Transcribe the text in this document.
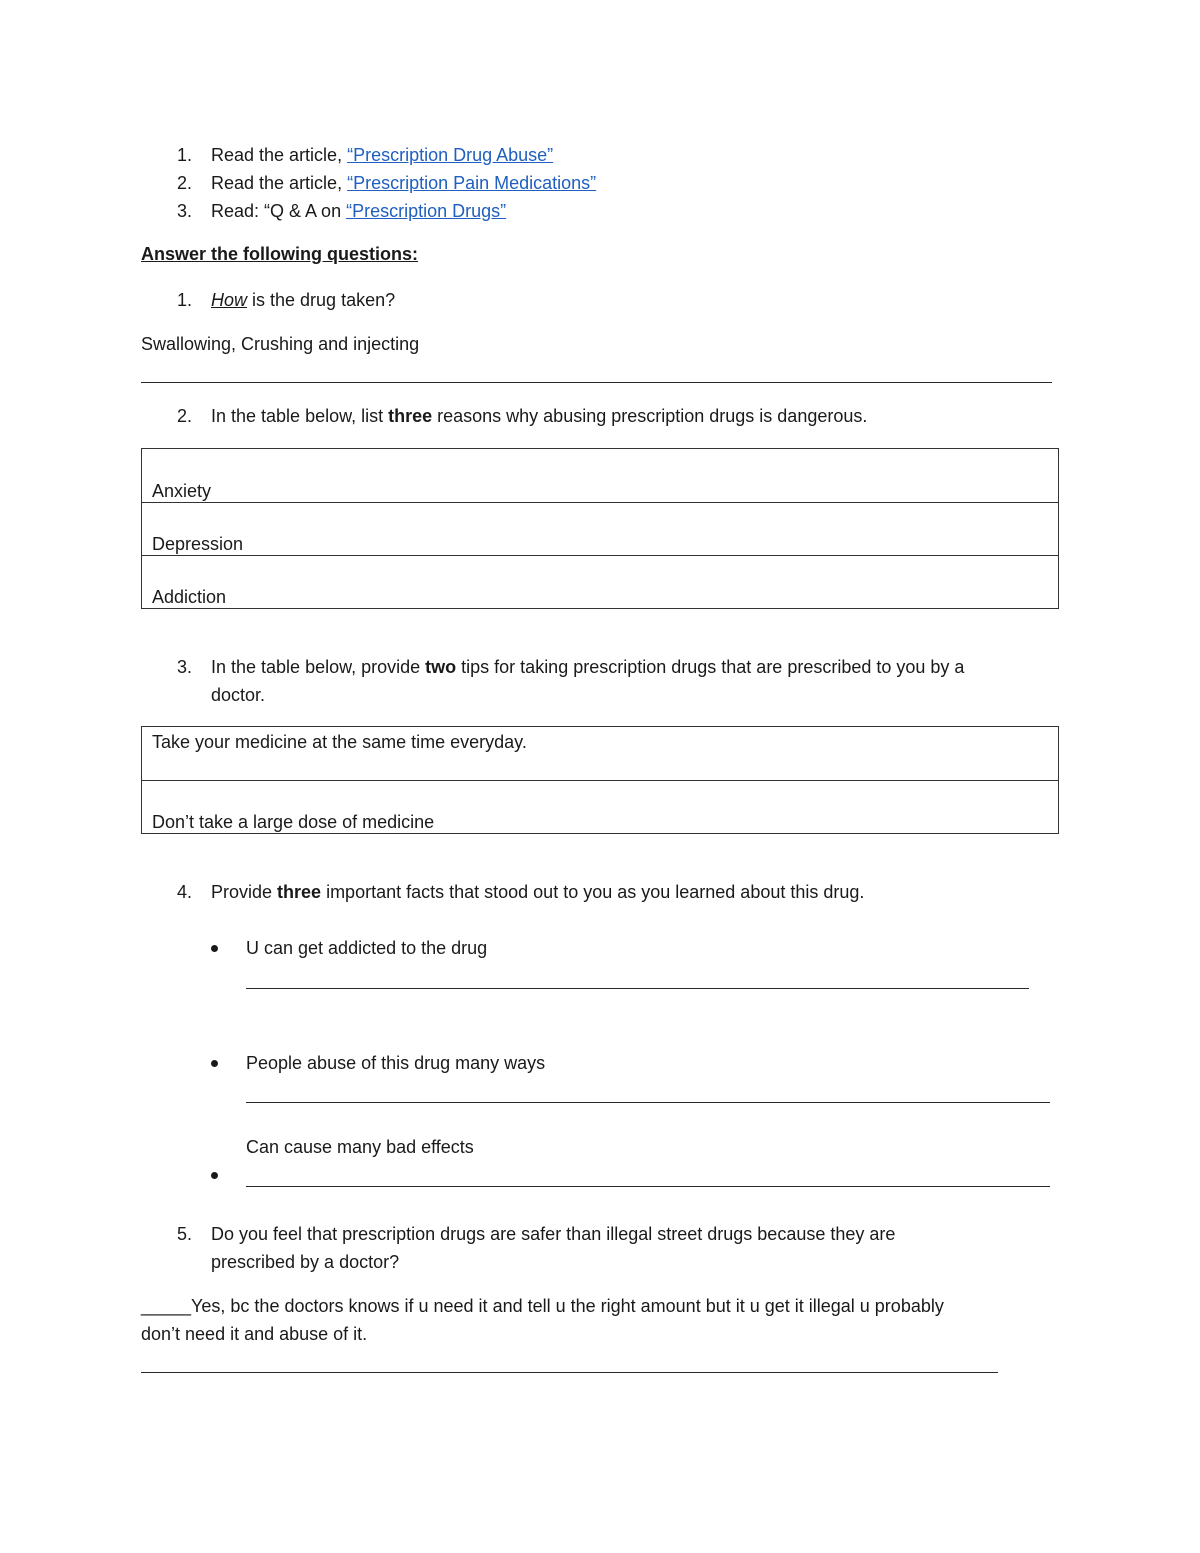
1. Read the article, “Prescription Drug Abuse”
2. Read the article, “Prescription Pain Medications”
3. Read: “Q & A on “Prescription Drugs”
Answer the following questions:
1. How is the drug taken?
Swallowing, Crushing and injecting
2. In the table below, list three reasons why abusing prescription drugs is dangerous.
Anxiety
Depression
Addiction
3. In the table below, provide two tips for taking prescription drugs that are prescribed to you by a
doctor.
Take your medicine at the same time everyday.
Don’t take a large dose of medicine
4. Provide three important facts that stood out to you as you learned about this drug.
U can get addicted to the drug
People abuse of this drug many ways
Can cause many bad effects
5. Do you feel that prescription drugs are safer than illegal street drugs because they are
prescribed by a doctor?
_____Yes, bc the doctors knows if u need it and tell u the right amount but it u get it illegal u probably
don’t need it and abuse of it.
